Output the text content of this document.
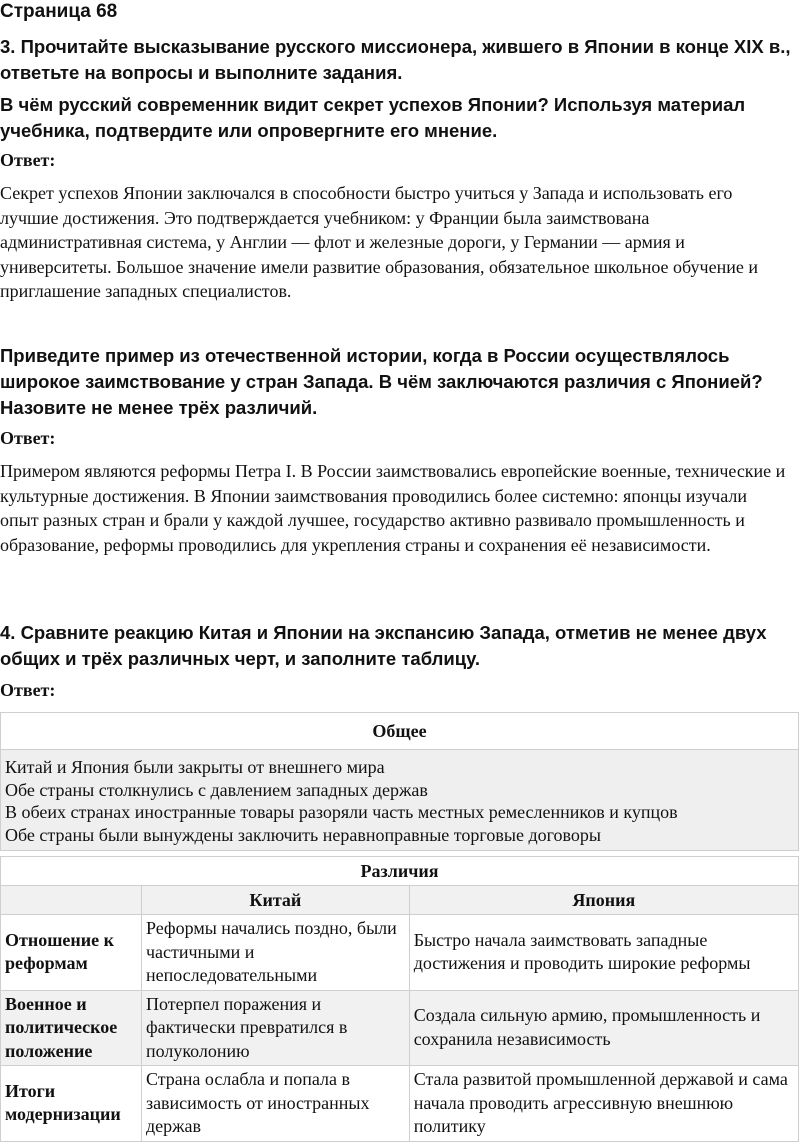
Страница 68

3. Прочитайте высказывание русского миссионера, жившего в Японии в конце XIX в., ответьте на вопросы и выполните задания.

В чём русский современник видит секрет успехов Японии? Используя материал учебника, подтвердите или опровергните его мнение.

Ответ:
Секрет успехов Японии заключался в способности быстро учиться у Запада и использовать его лучшие достижения. Это подтверждается учебником: у Франции была заимствована административная система, у Англии — флот и железные дороги, у Германии — армия и университеты. Большое значение имели развитие образования, обязательное школьное обучение и приглашение западных специалистов.

Приведите пример из отечественной истории, когда в России осуществлялось широкое заимствование у стран Запада. В чём заключаются различия с Японией? Назовите не менее трёх различий.

Ответ:
Примером являются реформы Петра I. В России заимствовались европейские военные, технические и культурные достижения. В Японии заимствования проводились более системно: японцы изучали опыт разных стран и брали у каждой лучшее, государство активно развивало промышленность и образование, реформы проводились для укрепления страны и сохранения её независимости.

4. Сравните реакцию Китая и Японии на экспансию Запада, отметив не менее двух общих и трёх различных черт, и заполните таблицу.

Ответ:
Общее

Китай и Япония были закрыты от внешнего мира
Обе страны столкнулись с давлением западных держав
В обеих странах иностранные товары разоряли часть местных ремесленников и купцов
Обе страны были вынуждены заключить неравноправные торговые договоры
Различия		
	Китай	Япония
Отношение к реформам	Реформы начались поздно, были частичными и непоследовательными	Быстро начала заимствовать западные достижения и проводить широкие реформы
Военное и политическое положение	Потерпел поражения и фактически превратился в полуколонию	Создала сильную армию, промышленность и сохранила независимость
Итоги модернизации	Страна ослабла и попала в зависимость от иностранных держав	Стала развитой промышленной державой и сама начала проводить агрессивную внешнюю политику
